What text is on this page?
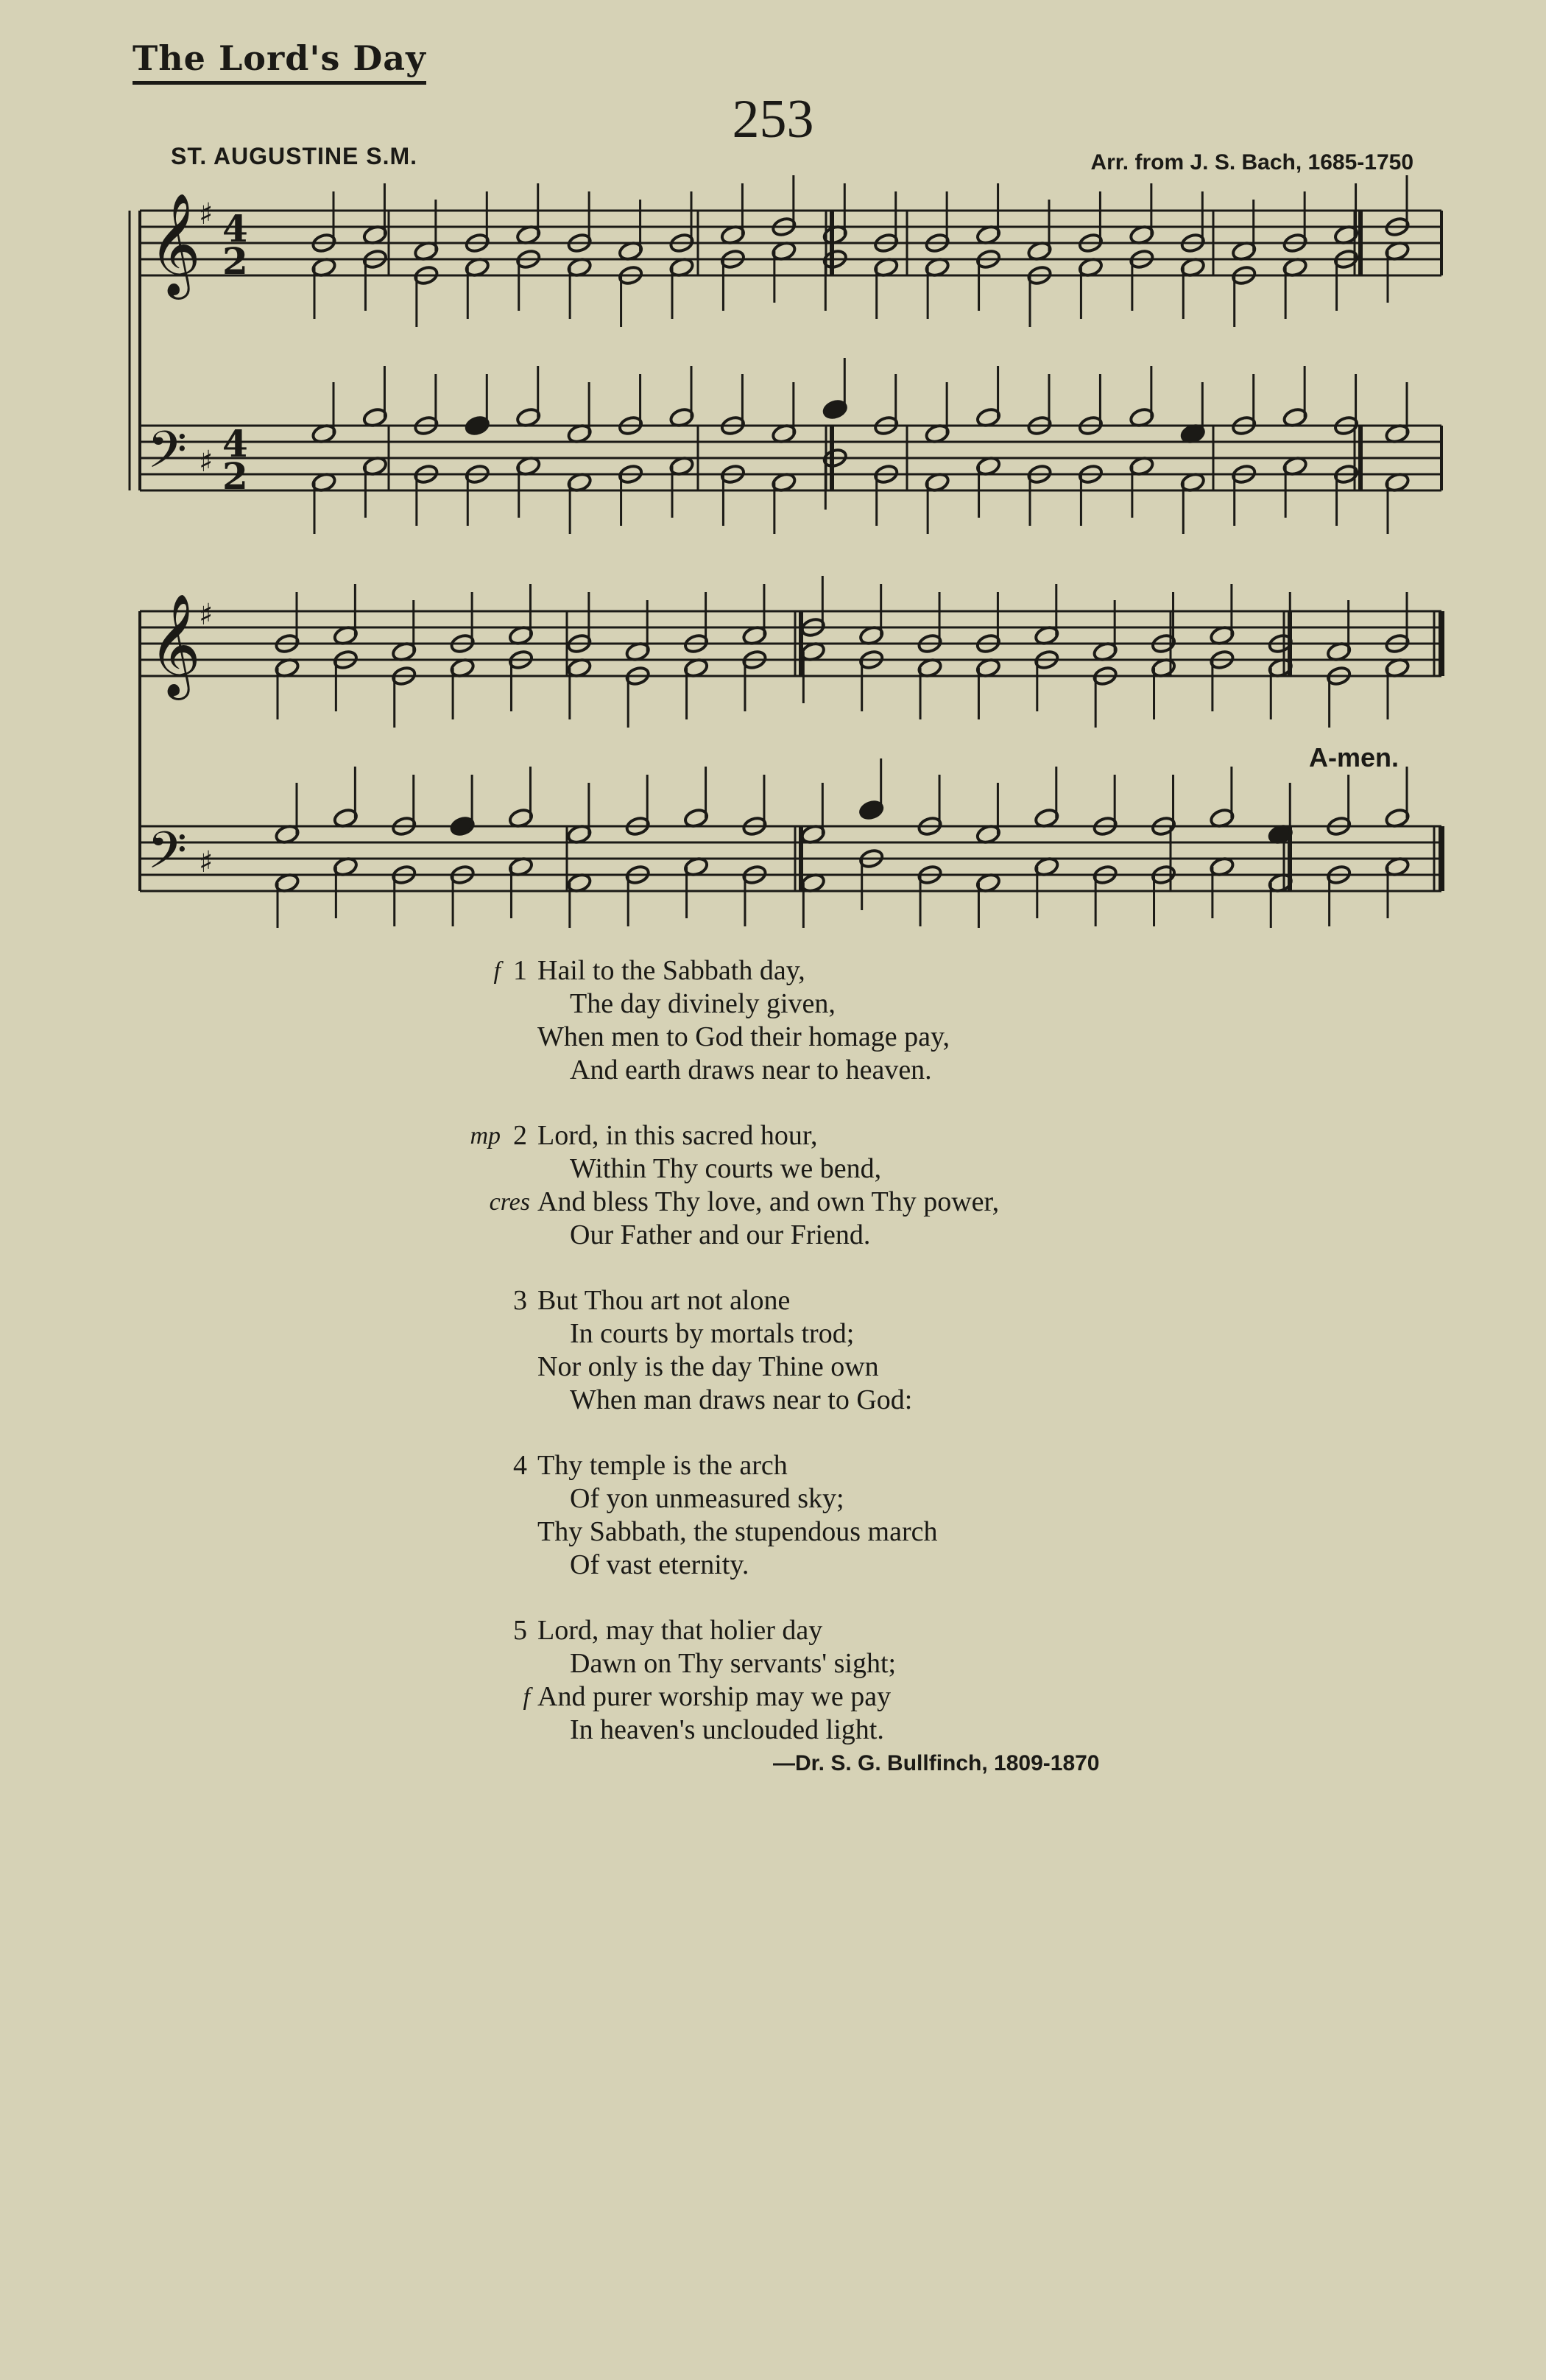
The Lord's Day
253
ST. AUGUSTINE S.M.	Arr. from J. S. Bach, 1685-1750
𝄞
𝄢
♯
♯
4
2
4
2
𝄞
𝄢
♯
♯
A-men.
f 1 Hail to the Sabbath day,
The day divinely given,
When men to God their homage pay,
And earth draws near to heaven.
mp 2 Lord, in this sacred hour,
Within Thy courts we bend,
cres And bless Thy love, and own Thy power,
Our Father and our Friend.
3 But Thou art not alone
In courts by mortals trod;
Nor only is the day Thine own
When man draws near to God:
4 Thy temple is the arch
Of yon unmeasured sky;
Thy Sabbath, the stupendous march
Of vast eternity.
5 Lord, may that holier day
Dawn on Thy servants' sight;
f And purer worship may we pay
In heaven's unclouded light.
—Dr. S. G. Bullfinch, 1809-1870
